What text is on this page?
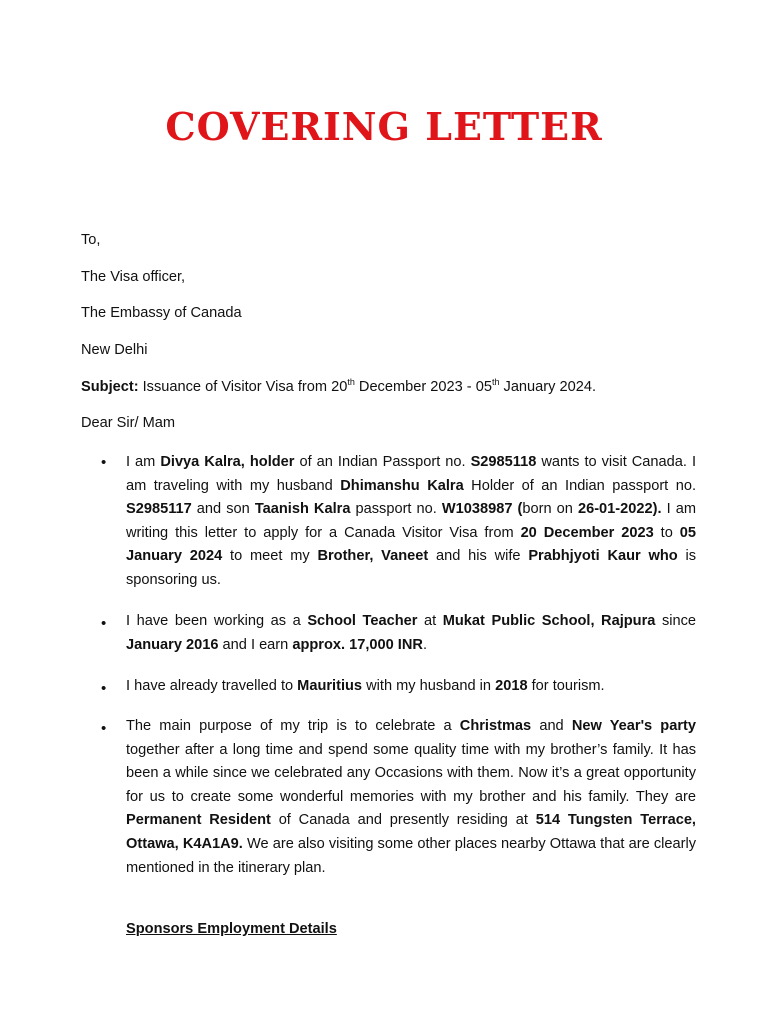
COVERING LETTER
To,
The Visa officer,
The Embassy of Canada
New Delhi
Subject: Issuance of Visitor Visa from 20th December 2023 - 05th January 2024.
Dear Sir/ Mam
• I am Divya Kalra, holder of an Indian Passport no. S2985118 wants to visit Canada. I am traveling with my husband Dhimanshu Kalra Holder of an Indian passport no. S2985117 and son Taanish Kalra passport no. W1038987 (born on 26-01-2022). I am writing this letter to apply for a Canada Visitor Visa from 20 December 2023 to 05 January 2024 to meet my Brother, Vaneet and his wife Prabhjyoti Kaur who is sponsoring us.
• I have been working as a School Teacher at Mukat Public School, Rajpura since January 2016 and I earn approx. 17,000 INR.
• I have already travelled to Mauritius with my husband in 2018 for tourism.
• The main purpose of my trip is to celebrate a Christmas and New Year's party together after a long time and spend some quality time with my brother’s family. It has been a while since we celebrated any Occasions with them. Now it’s a great opportunity for us to create some wonderful memories with my brother and his family. They are Permanent Resident of Canada and presently residing at 514 Tungsten Terrace, Ottawa, K4A1A9. We are also visiting some other places nearby Ottawa that are clearly mentioned in the itinerary plan.
Sponsors Employment Details
